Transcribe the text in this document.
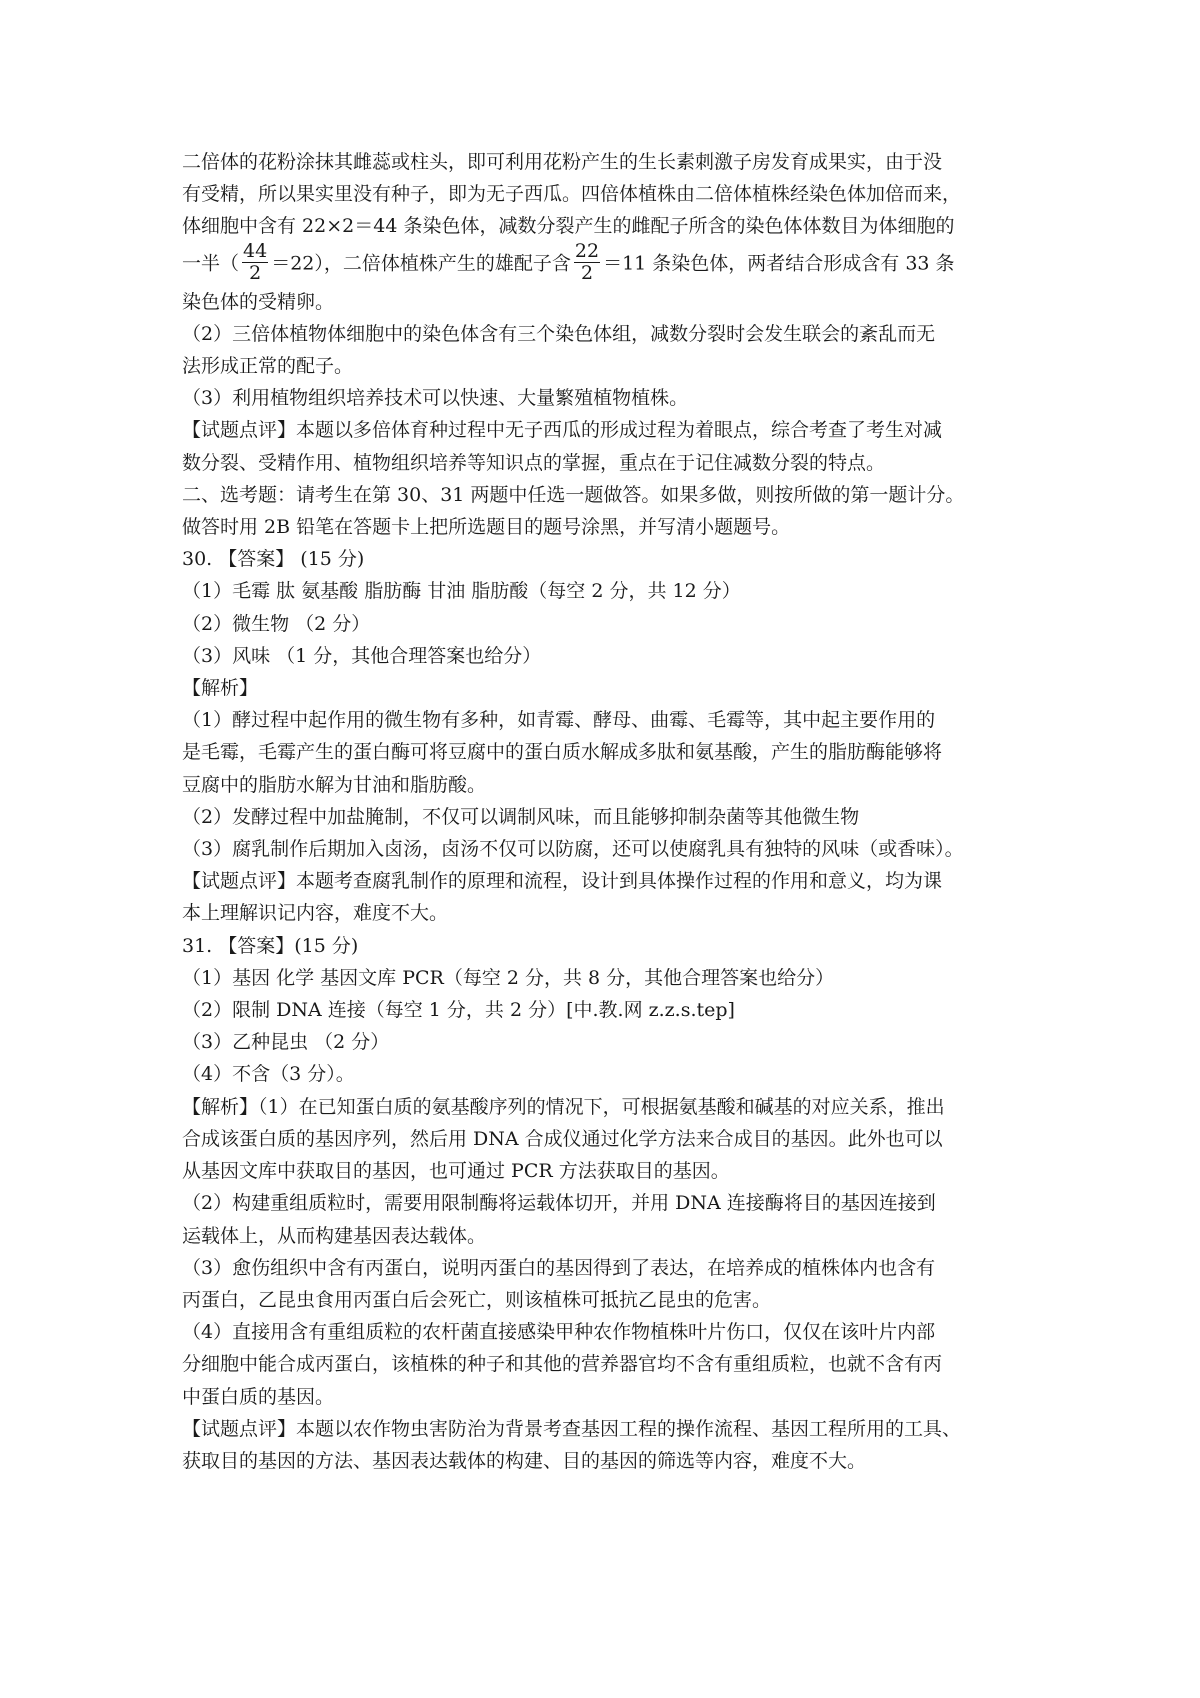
二倍体的花粉涂抹其雌蕊或柱头，即可利用花粉产生的生长素刺激子房发育成果实，由于没

有受精，所以果实里没有种子，即为无子西瓜。四倍体植株由二倍体植株经染色体加倍而来，

体细胞中含有 22×2＝44 条染色体，减数分裂产生的雌配子所含的染色体体数目为体细胞的

一半（ $\frac{44}{2} =22$），二倍体植株产生的雄配子含 $\frac{22}{2} =11$ 条染色体，两者结合形成含有 33 条

染色体的受精卵。

（2）三倍体植物体细胞中的染色体含有三个染色体组，减数分裂时会发生联会的紊乱而无

法形成正常的配子。

（3）利用植物组织培养技术可以快速、大量繁殖植物植株。

【试题点评】本题以多倍体育种过程中无子西瓜的形成过程为着眼点，综合考查了考生对减

数分裂、受精作用、植物组织培养等知识点的掌握，重点在于记住减数分裂的特点。

二、选考题：请考生在第 30、31 两题中任选一题做答。如果多做，则按所做的第一题计分。

做答时用 2B 铅笔在答题卡上把所选题目的题号涂黑，并写清小题题号。

30. 【答案】 (15 分)

（1）毛霉 肽 氨基酸 脂肪酶 甘油 脂肪酸（每空 2 分，共 12 分）

（2）微生物 （2 分）

（3）风味 （1 分，其他合理答案也给分）

【解析】

（1）酵过程中起作用的微生物有多种，如青霉、酵母、曲霉、毛霉等，其中起主要作用的

是毛霉，毛霉产生的蛋白酶可将豆腐中的蛋白质水解成多肽和氨基酸，产生的脂肪酶能够将

豆腐中的脂肪水解为甘油和脂肪酸。

（2）发酵过程中加盐腌制，不仅可以调制风味，而且能够抑制杂菌等其他微生物

（3）腐乳制作后期加入卤汤，卤汤不仅可以防腐，还可以使腐乳具有独特的风味（或香味）。

【试题点评】本题考查腐乳制作的原理和流程，设计到具体操作过程的作用和意义，均为课

本上理解识记内容，难度不大。

31. 【答案】(15 分)

（1）基因 化学 基因文库 PCR（每空 2 分，共 8 分，其他合理答案也给分）

（2）限制 DNA 连接（每空 1 分，共 2 分）[中.教.网 z.z.s.tep]

（3）乙种昆虫 （2 分）

（4）不含（3 分）。

【解析】（1）在已知蛋白质的氨基酸序列的情况下，可根据氨基酸和碱基的对应关系，推出

合成该蛋白质的基因序列，然后用 DNA 合成仪通过化学方法来合成目的基因。此外也可以

从基因文库中获取目的基因，也可通过 PCR 方法获取目的基因。

（2）构建重组质粒时，需要用限制酶将运载体切开，并用 DNA 连接酶将目的基因连接到

运载体上，从而构建基因表达载体。

（3）愈伤组织中含有丙蛋白，说明丙蛋白的基因得到了表达，在培养成的植株体内也含有

丙蛋白，乙昆虫食用丙蛋白后会死亡，则该植株可抵抗乙昆虫的危害。

（4）直接用含有重组质粒的农杆菌直接感染甲种农作物植株叶片伤口，仅仅在该叶片内部

分细胞中能合成丙蛋白，该植株的种子和其他的营养器官均不含有重组质粒，也就不含有丙

中蛋白质的基因。

【试题点评】本题以农作物虫害防治为背景考查基因工程的操作流程、基因工程所用的工具、

获取目的基因的方法、基因表达载体的构建、目的基因的筛选等内容，难度不大。
